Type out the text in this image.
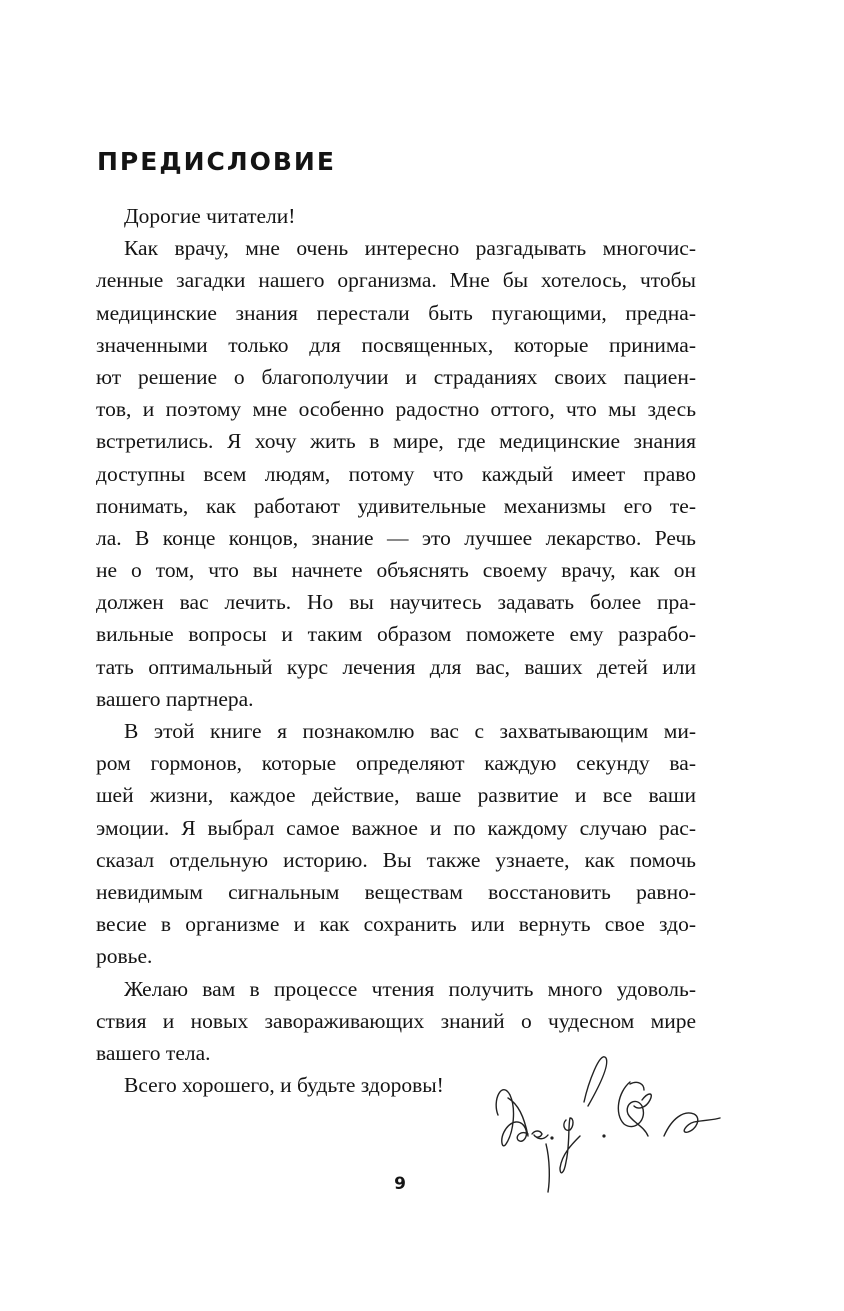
ПРЕДИСЛОВИЕ
Дорогие читатели!
Как врачу, мне очень интересно разгадывать многочис-
ленные загадки нашего организма. Мне бы хотелось, чтобы
медицинские знания перестали быть пугающими, предна-
значенными только для посвященных, которые принима-
ют решение о благополучии и страданиях своих пациен-
тов, и поэтому мне особенно радостно оттого, что мы здесь
встретились. Я хочу жить в мире, где медицинские знания
доступны всем людям, потому что каждый имеет право
понимать, как работают удивительные механизмы его те-
ла. В конце концов, знание — это лучшее лекарство. Речь
не о том, что вы начнете объяснять своему врачу, как он
должен вас лечить. Но вы научитесь задавать более пра-
вильные вопросы и таким образом поможете ему разрабо-
тать оптимальный курс лечения для вас, ваших детей или
вашего партнера.
В этой книге я познакомлю вас с захватывающим ми-
ром гормонов, которые определяют каждую секунду ва-
шей жизни, каждое действие, ваше развитие и все ваши
эмоции. Я выбрал самое важное и по каждому случаю рас-
сказал отдельную историю. Вы также узнаете, как помочь
невидимым сигнальным веществам восстановить равно-
весие в организме и как сохранить или вернуть свое здо-
ровье.
Желаю вам в процессе чтения получить много удоволь-
ствия и новых завораживающих знаний о чудесном мире
вашего тела.
Всего хорошего, и будьте здоровы!
9
